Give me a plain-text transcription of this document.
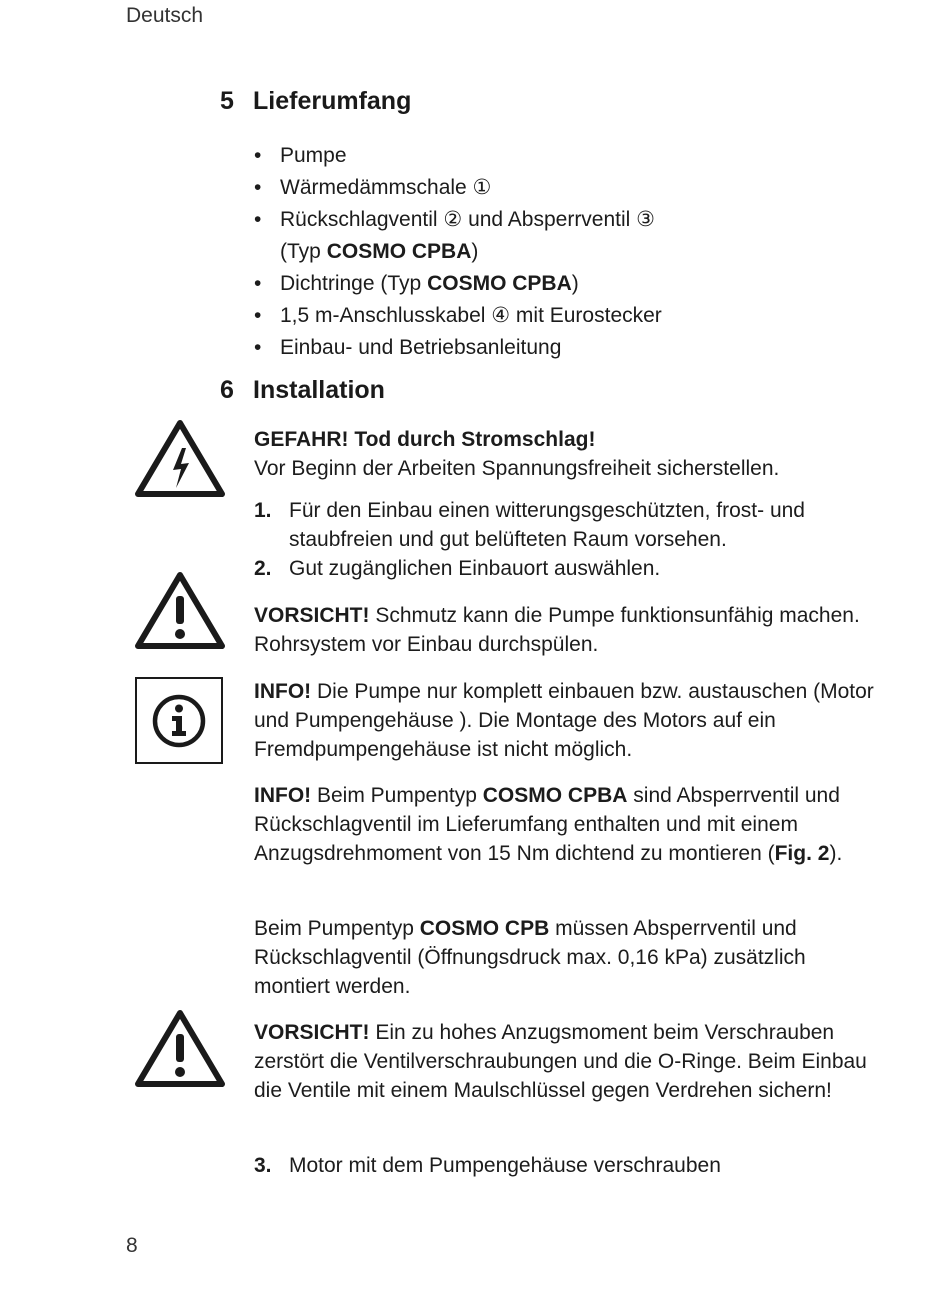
Deutsch
5 Lieferumfang
• Pumpe
• Wärmedämmschale ①
• Rückschlagventil ② und Absperrventil ③
(Typ COSMO CPBA)
• Dichtringe (Typ COSMO CPBA)
• 1,5 m-Anschlusskabel ④ mit Eurostecker
• Einbau- und Betriebsanleitung
6 Installation

GEFAHR! Tod durch Stromschlag!
Vor Beginn der Arbeiten Spannungsfreiheit sicherstellen.

1. Für den Einbau einen witterungsgeschützten, frost- und staubfreien und gut belüfteten Raum vorsehen.
2. Gut zugänglichen Einbauort auswählen.

VORSICHT! Schmutz kann die Pumpe funktionsunfähig machen. Rohrsystem vor Einbau durchspülen.

INFO! Die Pumpe nur komplett einbauen bzw. austauschen (Motor und Pumpengehäuse ). Die Montage des Motors auf ein Fremdpumpengehäuse ist nicht möglich.

INFO! Beim Pumpentyp COSMO CPBA sind Absperrventil und Rückschlagventil im Lieferumfang enthalten und mit einem Anzugsdrehmoment von 15 Nm dichtend zu montieren (Fig. 2).

Beim Pumpentyp COSMO CPB müssen Absperrventil und Rückschlagventil (Öffnungsdruck max. 0,16 kPa) zusätzlich montiert werden.

VORSICHT! Ein zu hohes Anzugsmoment beim Verschrauben zerstört die Ventilverschraubungen und die O-Ringe. Beim Einbau die Ventile mit einem Maulschlüssel gegen Verdrehen sichern!

3. Motor mit dem Pumpengehäuse verschrauben
8
